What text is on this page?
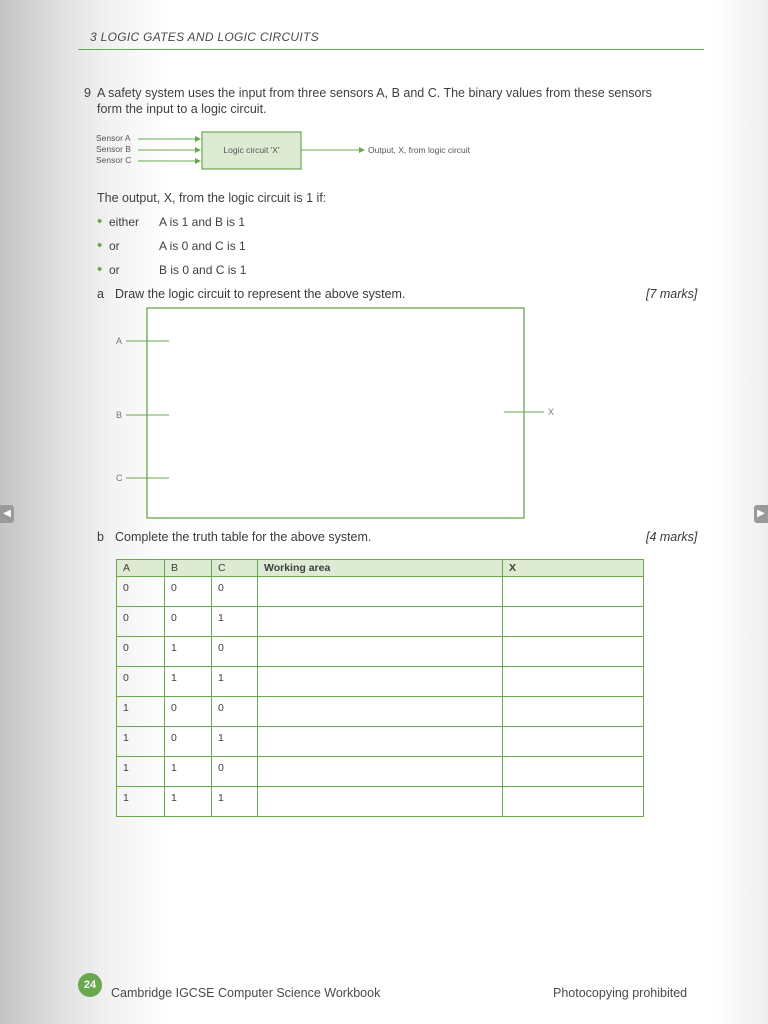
◀	▶
3 LOGIC GATES AND LOGIC CIRCUITS
9 A safety system uses the input from three sensors A, B and C. The binary values from these sensors
form the input to a logic circuit.
Sensor A
Sensor B
Sensor C
Logic circuit 'X'	Output, X, from logic circuit
The output, X, from the logic circuit is 1 if:
• either A is 1 and B is 1
• or	A is 0 and C is 1
• or	B is 0 and C is 1
a Draw the logic circuit to represent the above system.	[7 marks]
A
B
C
X
b Complete the truth table for the above system.	[4 marks]
A	B	C	Working area	X
0	0	0		
0	0	1		
0	1	0		
0	1	1		
1	0	0		
1	0	1		
1	1	0		
1	1	1		
24
Cambridge IGCSE Computer Science Workbook	Photocopying prohibited
